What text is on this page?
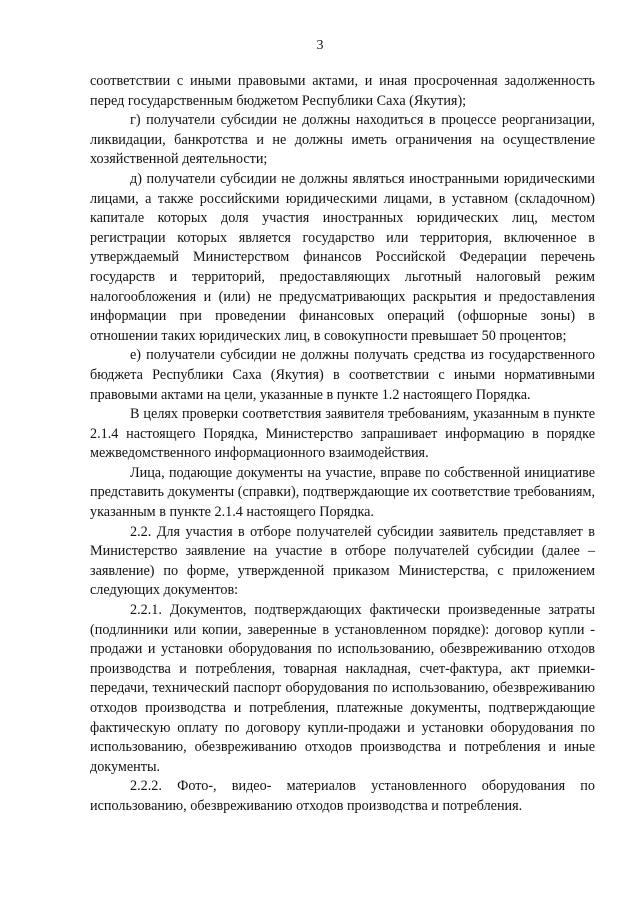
3

соответствии с иными правовыми актами, и иная просроченная задолженность перед государственным бюджетом Республики Саха (Якутия);

г) получатели субсидии не должны находиться в процессе реорганизации, ликвидации, банкротства и не должны иметь ограничения на осуществление хозяйственной деятельности;

д) получатели субсидии не должны являться иностранными юридическими лицами, а также российскими юридическими лицами, в уставном (складочном) капитале которых доля участия иностранных юридических лиц, местом регистрации которых является государство или территория, включенное в утверждаемый Министерством финансов Российской Федерации перечень государств и территорий, предоставляющих льготный налоговый режим налогообложения и (или) не предусматривающих раскрытия и предоставления информации при проведении финансовых операций (офшорные зоны) в отношении таких юридических лиц, в совокупности превышает 50 процентов;

е) получатели субсидии не должны получать средства из государственного бюджета Республики Саха (Якутия) в соответствии с иными нормативными правовыми актами на цели, указанные в пункте 1.2 настоящего Порядка.

В целях проверки соответствия заявителя требованиям, указанным в пункте 2.1.4 настоящего Порядка, Министерство запрашивает информацию в порядке межведомственного информационного взаимодействия.

Лица, подающие документы на участие, вправе по собственной инициативе представить документы (справки), подтверждающие их соответствие требованиям, указанным в пункте 2.1.4 настоящего Порядка.

2.2. Для участия в отборе получателей субсидии заявитель представляет в Министерство заявление на участие в отборе получателей субсидии (далее – заявление) по форме, утвержденной приказом Министерства, с приложением следующих документов:

2.2.1. Документов, подтверждающих фактически произведенные затраты (подлинники или копии, заверенные в установленном порядке): договор купли - продажи и установки оборудования по использованию, обезвреживанию отходов производства и потребления, товарная накладная, счет-фактура, акт приемки-передачи, технический паспорт оборудования по использованию, обезвреживанию отходов производства и потребления, платежные документы, подтверждающие фактическую оплату по договору купли-продажи и установки оборудования по использованию, обезвреживанию отходов производства и потребления и иные документы.

2.2.2. Фото-, видео- материалов установленного оборудования по использованию, обезвреживанию отходов производства и потребления.
